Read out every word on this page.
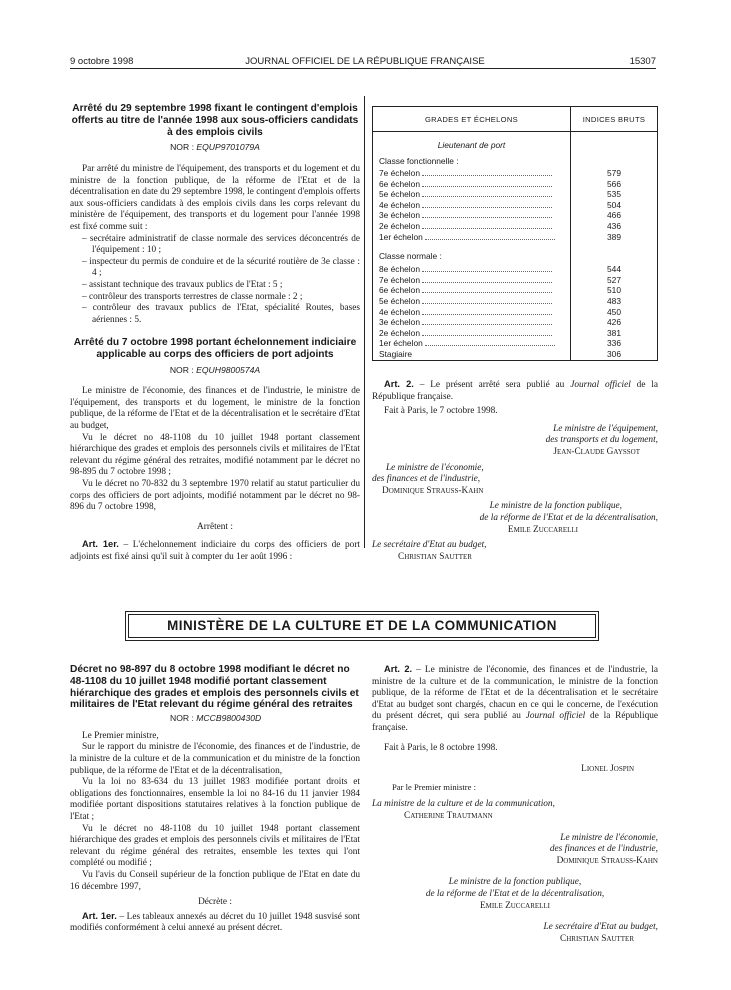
9 octobre 1998	JOURNAL OFFICIEL DE LA RÉPUBLIQUE FRANÇAISE	15307
Arrêté du 29 septembre 1998 fixant le contingent d'emplois offerts au titre de l'année 1998 aux sous-officiers candidats à des emplois civils
NOR : EQUP9701079A

Par arrêté du ministre de l'équipement, des transports et du logement et du ministre de la fonction publique, de la réforme de l'Etat et de la décentralisation en date du 29 septembre 1998, le contingent d'emplois offerts aux sous-officiers candidats à des emplois civils dans les corps relevant du ministère de l'équipement, des transports et du logement pour l'année 1998 est fixé comme suit :

– secrétaire administratif de classe normale des services déconcentrés de l'équipement : 10 ;
– inspecteur du permis de conduire et de la sécurité routière de 3e classe : 4 ;
– assistant technique des travaux publics de l'Etat : 5 ;
– contrôleur des transports terrestres de classe normale : 2 ;
– contrôleur des travaux publics de l'Etat, spécialité Routes, bases aériennes : 5.
Arrêté du 7 octobre 1998 portant échelonnement indiciaire applicable au corps des officiers de port adjoints
NOR : EQUH9800574A

Le ministre de l'économie, des finances et de l'industrie, le ministre de l'équipement, des transports et du logement, le ministre de la fonction publique, de la réforme de l'Etat et de la décentralisation et le secrétaire d'Etat au budget,

Vu le décret no 48-1108 du 10 juillet 1948 portant classement hiérarchique des grades et emplois des personnels civils et militaires de l'Etat relevant du régime général des retraites, modifié notamment par le décret no 98-895 du 7 octobre 1998 ;

Vu le décret no 70-832 du 3 septembre 1970 relatif au statut particulier du corps des officiers de port adjoints, modifié notamment par le décret no 98-896 du 7 octobre 1998,

Arrêtent :

Art. 1er. – L'échelonnement indiciaire du corps des officiers de port adjoints est fixé ainsi qu'il suit à compter du 1er août 1996 :

GRADES ET ÉCHELONS	INDICES BRUTS
Lieutenant de port	
Classe fonctionnelle :	
7e échelon	579
6e échelon	566
5e échelon	535
4e échelon	504
3e échelon	466
2e échelon	436
1er échelon	389
Classe normale :	
8e échelon	544
7e échelon	527
6e échelon	510
5e échelon	483
4e échelon	450
3e échelon	426
2e échelon	381
1er échelon	336
Stagiaire	306

Art. 2. – Le présent arrêté sera publié au Journal officiel de la République française.

Fait à Paris, le 7 octobre 1998.

Le ministre de l'équipement,
des transports et du logement,
Jean-Claude Gayssot
Le ministre de l'économie,
des finances et de l'industrie,
Dominique Strauss-Kahn
Le ministre de la fonction publique,
de la réforme de l'Etat et de la décentralisation,
Emile Zuccarelli
Le secrétaire d'Etat au budget,
Christian Sautter
MINISTÈRE DE LA CULTURE ET DE LA COMMUNICATION
Décret no 98-897 du 8 octobre 1998 modifiant le décret no 48-1108 du 10 juillet 1948 modifié portant classement hiérarchique des grades et emplois des personnels civils et militaires de l'Etat relevant du régime général des retraites
NOR : MCCB9800430D

Le Premier ministre,

Sur le rapport du ministre de l'économie, des finances et de l'industrie, de la ministre de la culture et de la communication et du ministre de la fonction publique, de la réforme de l'Etat et de la décentralisation,

Vu la loi no 83-634 du 13 juillet 1983 modifiée portant droits et obligations des fonctionnaires, ensemble la loi no 84-16 du 11 janvier 1984 modifiée portant dispositions statutaires relatives à la fonction publique de l'Etat ;

Vu le décret no 48-1108 du 10 juillet 1948 portant classement hiérarchique des grades et emplois des personnels civils et militaires de l'Etat relevant du régime général des retraites, ensemble les textes qui l'ont complété ou modifié ;

Vu l'avis du Conseil supérieur de la fonction publique de l'Etat en date du 16 décembre 1997,

Décrète :

Art. 1er. – Les tableaux annexés au décret du 10 juillet 1948 susvisé sont modifiés conformément à celui annexé au présent décret.

Art. 2. – Le ministre de l'économie, des finances et de l'industrie, la ministre de la culture et de la communication, le ministre de la fonction publique, de la réforme de l'Etat et de la décentralisation et le secrétaire d'Etat au budget sont chargés, chacun en ce qui le concerne, de l'exécution du présent décret, qui sera publié au Journal officiel de la République française.

Fait à Paris, le 8 octobre 1998.

Lionel Jospin
Par le Premier ministre :
La ministre de la culture et de la communication,
Catherine Trautmann
Le ministre de l'économie,
des finances et de l'industrie,
Dominique Strauss-Kahn
Le ministre de la fonction publique,
de la réforme de l'Etat et de la décentralisation,
Emile Zuccarelli
Le secrétaire d'Etat au budget,
Christian Sautter
